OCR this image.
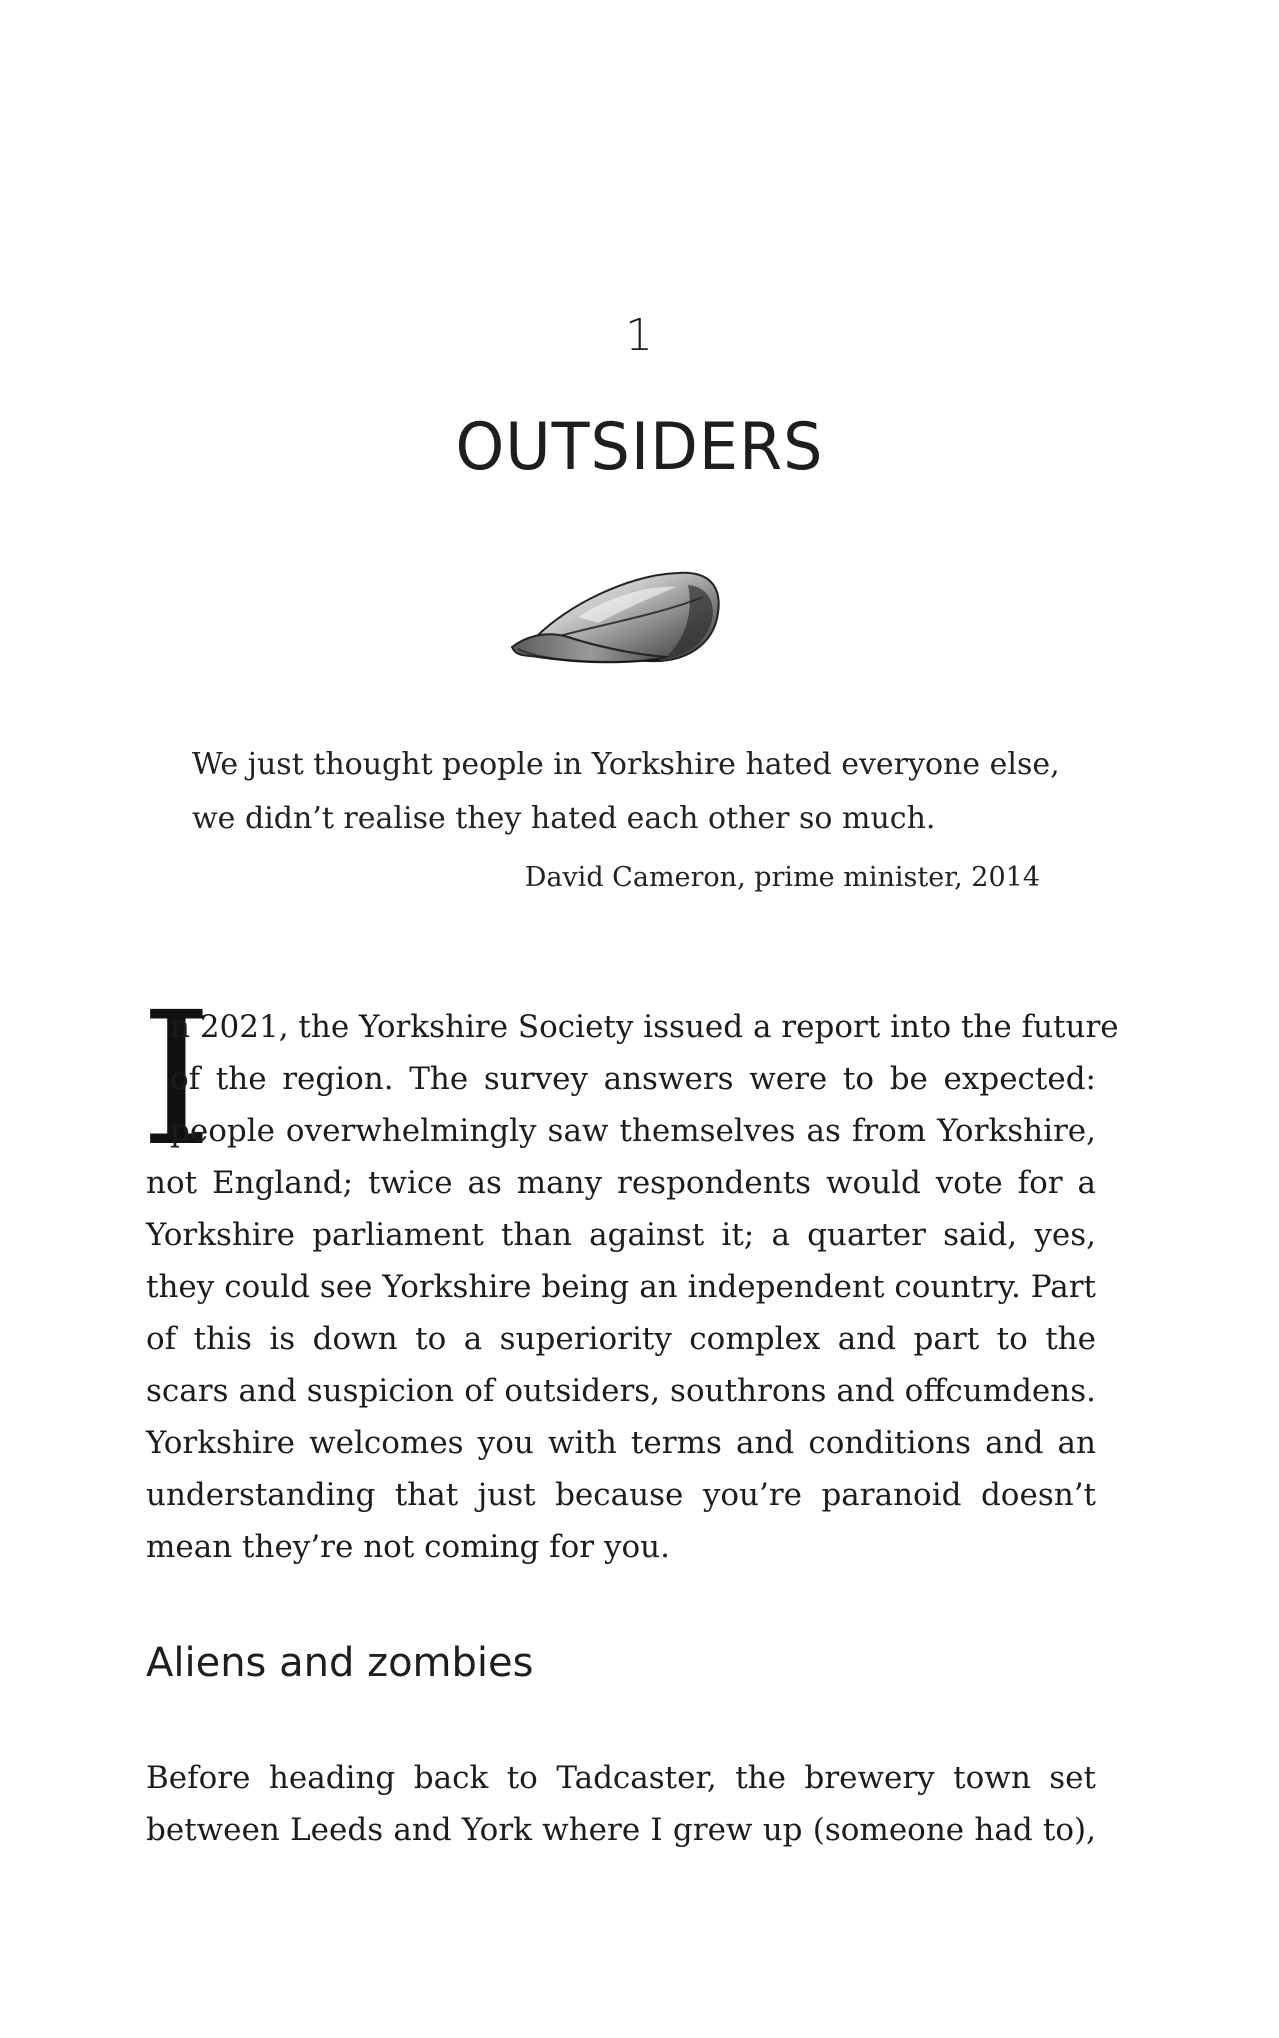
1
OUTSIDERS
We just thought people in Yorkshire hated everyone else,
we didn’t realise they hated each other so much.
David Cameron, prime minister, 2014
I
n 2021, the Yorkshire Society issued a report into the future
of the region. The survey answers were to be expected:
people overwhelmingly saw themselves as from Yorkshire,
not England; twice as many respondents would vote for a
Yorkshire parliament than against it; a quarter said, yes,
they could see Yorkshire being an independent country. Part
of this is down to a superiority complex and part to the
scars and suspicion of outsiders, southrons and offcumdens.
Yorkshire welcomes you with terms and conditions and an
understanding that just because you’re paranoid doesn’t
mean they’re not coming for you.
Aliens and zombies
Before heading back to Tadcaster, the brewery town set
between Leeds and York where I grew up (someone had to),
